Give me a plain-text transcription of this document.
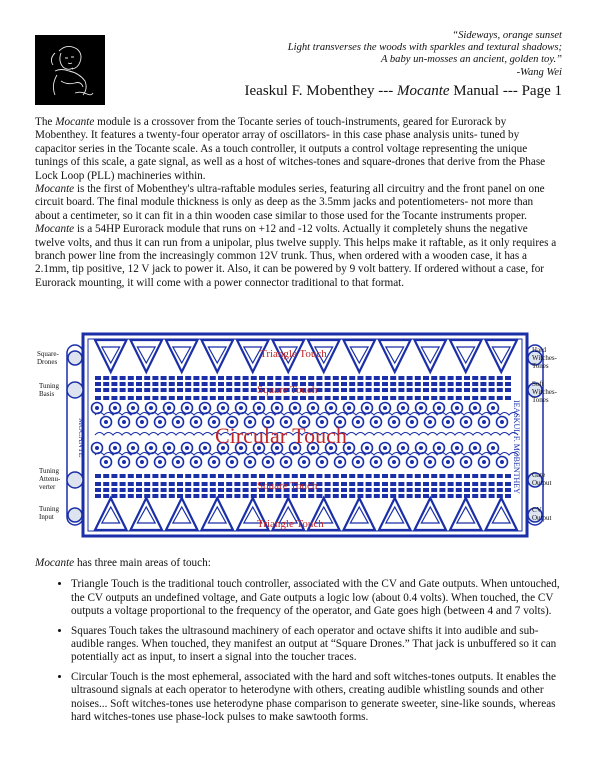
“Sideways, orange sunset
Light transverses the woods with sparkles and textural shadows;
A baby un-mosses an ancient, golden toy.”
-Wang Wei
Ieaskul F. Mobenthey --- Mocante Manual --- Page 1

The Mocante module is a crossover from the Tocante series of touch-instruments, geared for Eurorack by Mobenthey. It features a twenty-four operator array of oscillators- in this case phase analysis units- tuned by capacitor series in the Tocante scale. As a touch controller, it outputs a control voltage representing the unique tunings of this scale, a gate signal, as well as a host of witches-tones and square-drones that derive from the Phase Lock Loop (PLL) machineries within.

Mocante is the first of Mobenthey's ultra-raftable modules series, featuring all circuitry and the front panel on one circuit board. The final module thickness is only as deep as the 3.5mm jacks and potentiometers- not more than about a centimeter, so it can fit in a thin wooden case similar to those used for the Tocante instruments proper.

Mocante is a 54HP Eurorack module that runs on +12 and -12 volts. Actually it completely shuns the negative twelve volts, and thus it can run from a unipolar, plus twelve supply. This helps make it raftable, as it only requires a branch power line from the increasingly common 12V trunk. Thus, when ordered with a wooden case, it has a 2.1mm, tip positive, 12 V jack to power it. Also, it can be powered by 9 volt battery. If ordered without a case, for Eurorack mounting, it will come with a power connector traditional to that format.

Square-
Drones
Tuning
Basis
Tuning
Attenu-
verter
Tuning
Input
Hard
Witches-
Tones
Soft
Witches-
Tones
Gate
Output
CV
Output
MOCANTE	IEASKUL F. MOBENTHEY
Triangle Touch
Square Touch
Circular Touch
Square Touch
Triangle Touch

Mocante has three main areas of touch:

• Triangle Touch is the traditional touch controller, associated with the CV and Gate outputs. When untouched, the CV outputs an undefined voltage, and Gate outputs a logic low (about 0.4 volts). When touched, the CV outputs a voltage proportional to the frequency of the operator, and Gate goes high (between 4 and 7 volts).
• Squares Touch takes the ultrasound machinery of each operator and octave shifts it into audible and sub-audible ranges. When touched, they manifest an output at “Square Drones.” That jack is unbuffered so it can potentially act as input, to insert a signal into the toucher traces.
• Circular Touch is the most ephemeral, associated with the hard and soft witches-tones outputs. It enables the ultrasound signals at each operator to heterodyne with others, creating audible whistling sounds and other noises... Soft witches-tones use heterodyne phase comparison to generate sweeter, sine-like sounds, whereas hard witches-tones use phase-lock pulses to make sawtooth forms.
